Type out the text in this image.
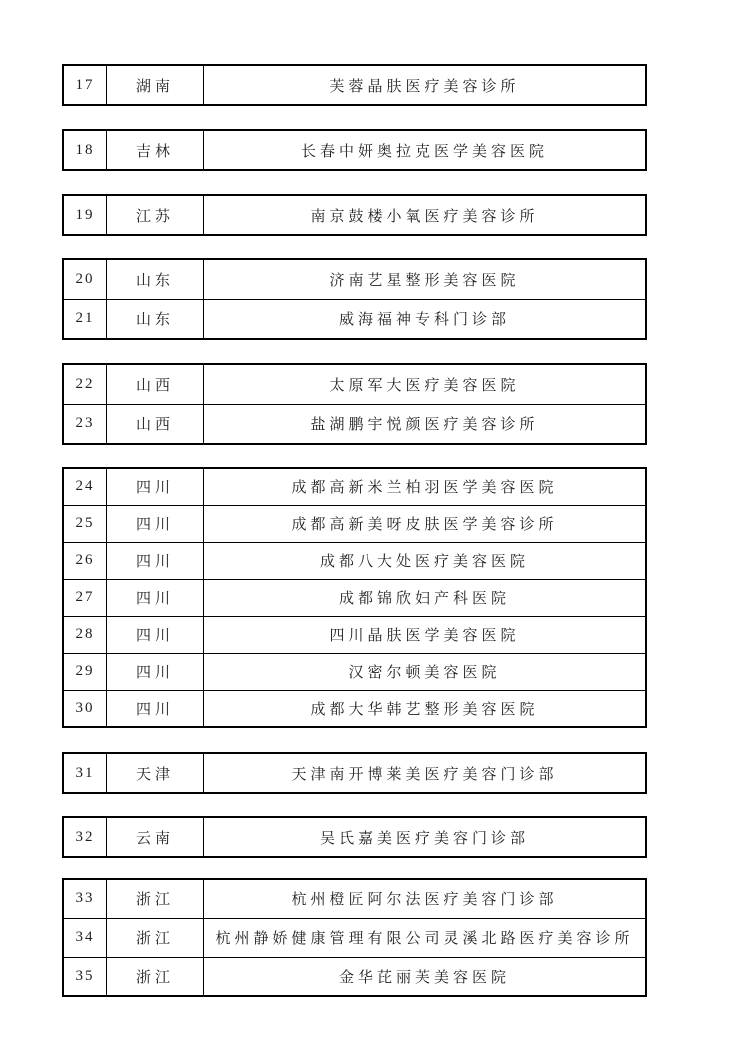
17	湖南	芙蓉晶肤医疗美容诊所
18	吉林	长春中妍奥拉克医学美容医院
19	江苏	南京鼓楼小氧医疗美容诊所
20	山东	济南艺星整形美容医院
21	山东	威海福神专科门诊部
22	山西	太原军大医疗美容医院
23	山西	盐湖鹏宇悦颜医疗美容诊所
24	四川	成都高新米兰柏羽医学美容医院
25	四川	成都高新美呀皮肤医学美容诊所
26	四川	成都八大处医疗美容医院
27	四川	成都锦欣妇产科医院
28	四川	四川晶肤医学美容医院
29	四川	汉密尔顿美容医院
30	四川	成都大华韩艺整形美容医院
31	天津	天津南开博莱美医疗美容门诊部
32	云南	吴氏嘉美医疗美容门诊部
33	浙江	杭州橙匠阿尔法医疗美容门诊部
34	浙江	杭州静娇健康管理有限公司灵溪北路医疗美容诊所
35	浙江	金华芘丽芙美容医院
